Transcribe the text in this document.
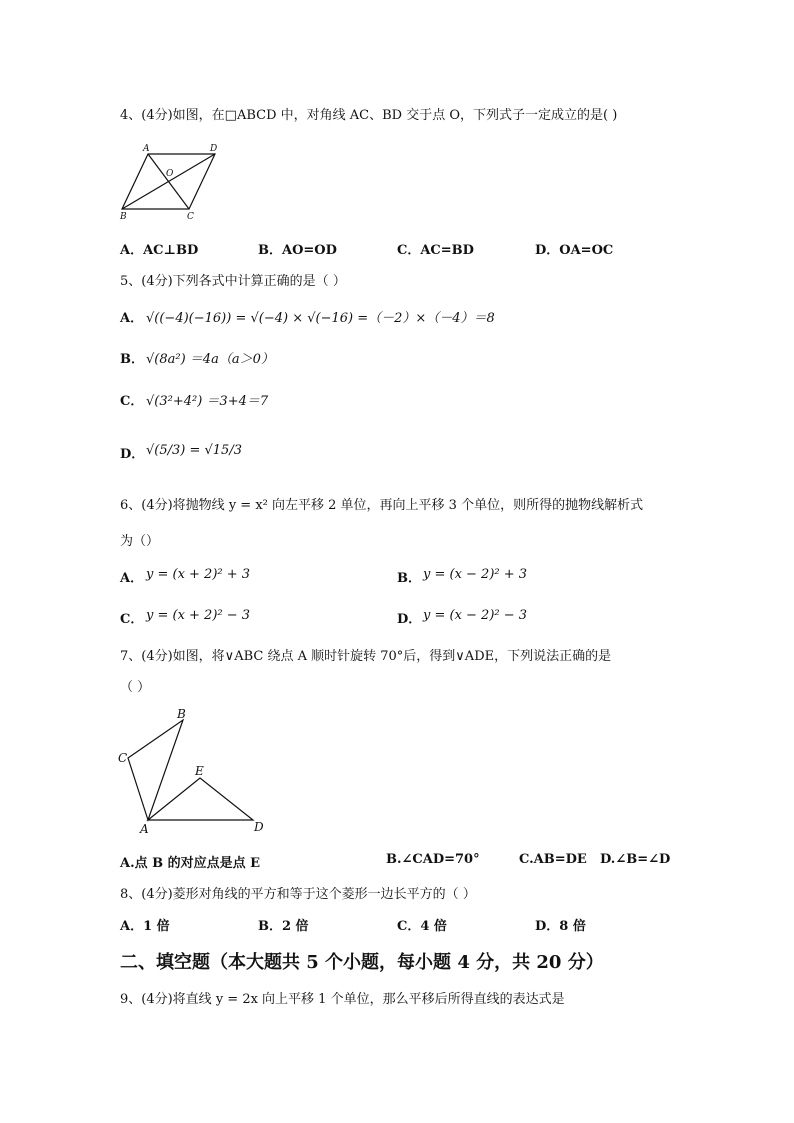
4、(4分)如图，在□ABCD 中，对角线 AC、BD 交于点 O，下列式子一定成立的是( )
A	D
O
B	C
A．AC⊥BD	B．AO=OD	C．AC=BD	D．OA=OC
5、(4分)下列各式中计算正确的是（ ）
A． √((−4)(−16)) = √(−4) × √(−16) =（－2）×（－4）＝8
B． √(8a²) ＝4a（a＞0）
C． √(3²+4²) ＝3+4＝7
D． √(5/3) = √15/3
6、(4分)将抛物线 y = x² 向左平移 2 单位，再向上平移 3 个单位，则所得的抛物线解析式
为（）
A． y = (x + 2)² + 3	B． y = (x − 2)² + 3
C． y = (x + 2)² − 3	D． y = (x − 2)² − 3
7、(4分)如图，将∨ABC 绕点 A 顺时针旋转 70°后，得到∨ADE，下列说法正确的是
（ ）
B
C
E
A	D
A.点 B 的对应点是点 E	B.∠CAD=70°	C.AB=DE D.∠B=∠D
8、(4分)菱形对角线的平方和等于这个菱形一边长平方的（ ）
A．1 倍	B．2 倍	C．4 倍	D．8 倍
二、填空题（本大题共 5 个小题，每小题 4 分，共 20 分）
9、(4分)将直线 y = 2x 向上平移 1 个单位，那么平移后所得直线的表达式是
